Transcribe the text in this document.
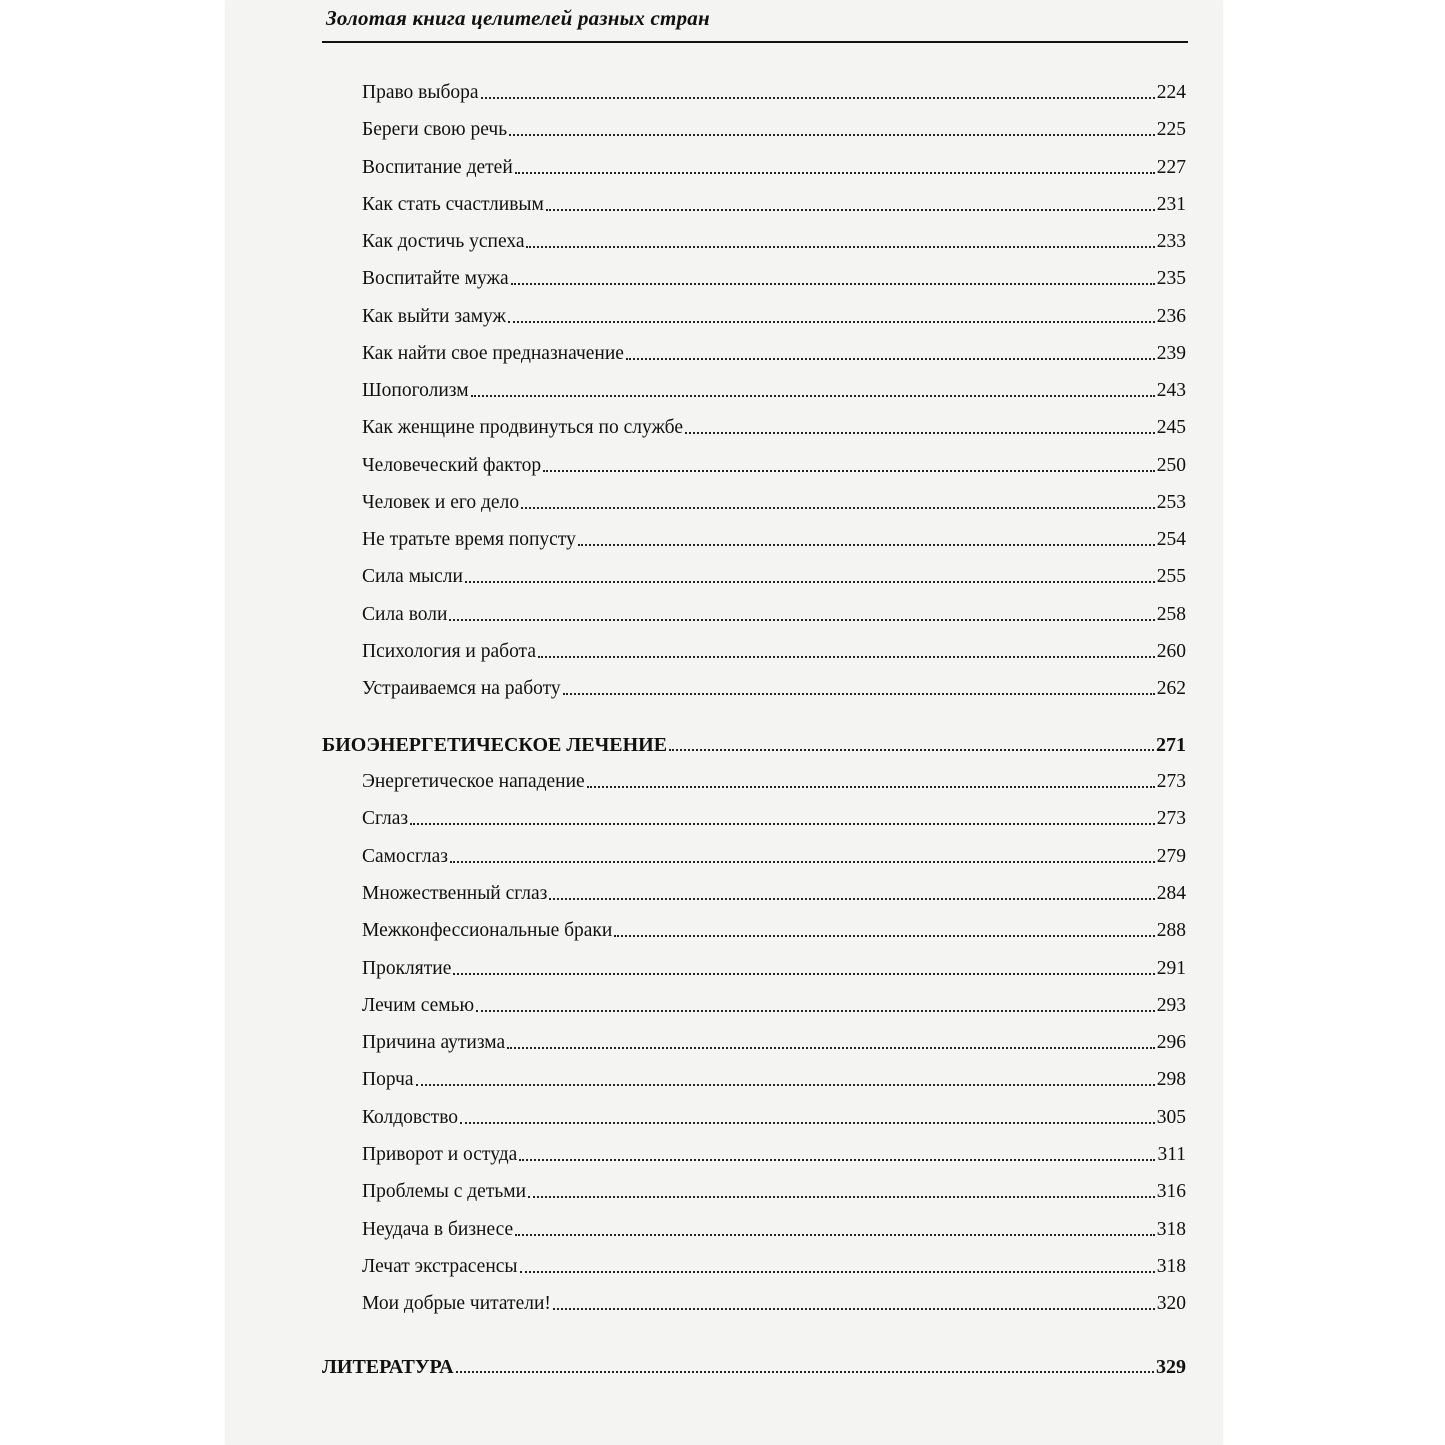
Золотая книга целителей разных стран
Право выбора	224
Береги свою речь	225
Воспитание детей	227
Как стать счастливым	231
Как достичь успеха	233
Воспитайте мужа	235
Как выйти замуж	236
Как найти свое предназначение	239
Шопоголизм	243
Как женщине продвинуться по службе	245
Человеческий фактор	250
Человек и его дело	253
Не тратьте время попусту	254
Сила мысли	255
Сила воли	258
Психология и работа	260
Устраиваемся на работу	262
БИОЭНЕРГЕТИЧЕСКОЕ ЛЕЧЕНИЕ	271
Энергетическое нападение	273
Сглаз	273
Самосглаз	279
Множественный сглаз	284
Межконфессиональные браки	288
Проклятие	291
Лечим семью	293
Причина аутизма	296
Порча	298
Колдовство	305
Приворот и остуда	311
Проблемы с детьми	316
Неудача в бизнесе	318
Лечат экстрасенсы	318
Мои добрые читатели!	320
ЛИТЕРАТУРА	329
